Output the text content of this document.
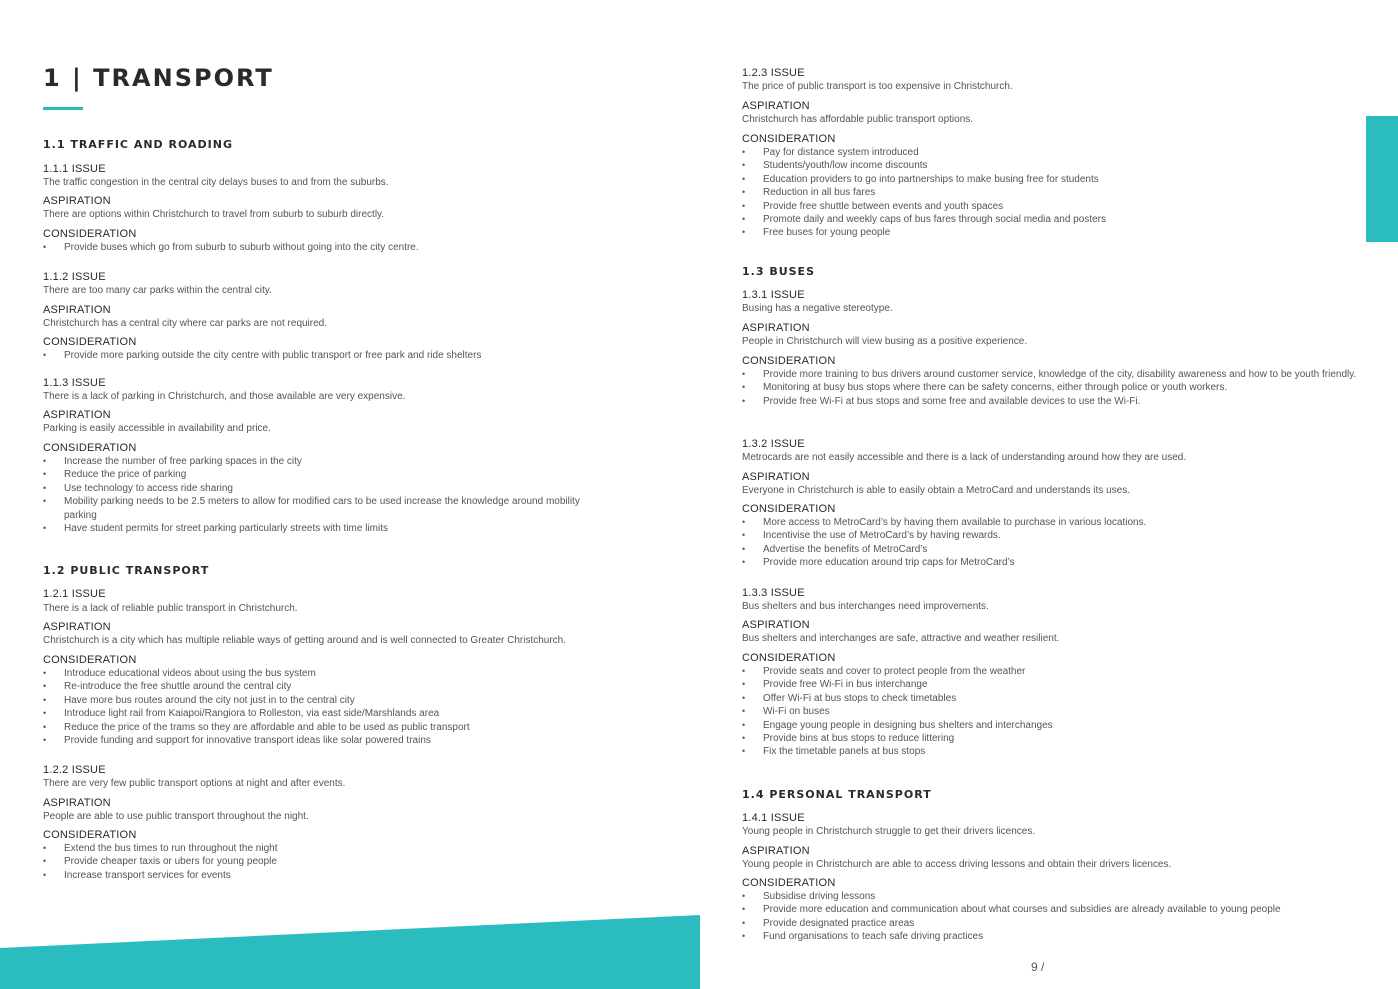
1 | TRANSPORT
1.1 TRAFFIC AND ROADING
1.1.1 ISSUE
The traffic congestion in the central city delays buses to and from the suburbs.
ASPIRATION
There are options within Christchurch to travel from suburb to suburb directly.
CONSIDERATION
• Provide buses which go from suburb to suburb without going into the city centre.
1.1.2 ISSUE
There are too many car parks within the central city.
ASPIRATION
Christchurch has a central city where car parks are not required.
CONSIDERATION
• Provide more parking outside the city centre with public transport or free park and ride shelters
1.1.3 ISSUE
There is a lack of parking in Christchurch, and those available are very expensive.
ASPIRATION
Parking is easily accessible in availability and price.
CONSIDERATION
• Increase the number of free parking spaces in the city
• Reduce the price of parking
• Use technology to access ride sharing
• Mobility parking needs to be 2.5 meters to allow for modified cars to be used increase the knowledge around mobility parking
• Have student permits for street parking particularly streets with time limits
1.2 PUBLIC TRANSPORT
1.2.1 ISSUE
There is a lack of reliable public transport in Christchurch.
ASPIRATION
Christchurch is a city which has multiple reliable ways of getting around and is well connected to Greater Christchurch.
CONSIDERATION
• Introduce educational videos about using the bus system
• Re-introduce the free shuttle around the central city
• Have more bus routes around the city not just in to the central city
• Introduce light rail from Kaiapoi/Rangiora to Rolleston, via east side/Marshlands area
• Reduce the price of the trams so they are affordable and able to be used as public transport
• Provide funding and support for innovative transport ideas like solar powered trains
1.2.2 ISSUE
There are very few public transport options at night and after events.
ASPIRATION
People are able to use public transport throughout the night.
CONSIDERATION
• Extend the bus times to run throughout the night
• Provide cheaper taxis or ubers for young people
• Increase transport services for events
1.2.3 ISSUE
The price of public transport is too expensive in Christchurch.
ASPIRATION
Christchurch has affordable public transport options.
CONSIDERATION
• Pay for distance system introduced
• Students/youth/low income discounts
• Education providers to go into partnerships to make busing free for students
• Reduction in all bus fares
• Provide free shuttle between events and youth spaces
• Promote daily and weekly caps of bus fares through social media and posters
• Free buses for young people
1.3 BUSES
1.3.1 ISSUE
Busing has a negative stereotype.
ASPIRATION
People in Christchurch will view busing as a positive experience.
CONSIDERATION
• Provide more training to bus drivers around customer service, knowledge of the city, disability awareness and how to be youth friendly.
• Monitoring at busy bus stops where there can be safety concerns, either through police or youth workers.
• Provide free Wi-Fi at bus stops and some free and available devices to use the Wi-Fi.
1.3.2 ISSUE
Metrocards are not easily accessible and there is a lack of understanding around how they are used.
ASPIRATION
Everyone in Christchurch is able to easily obtain a MetroCard and understands its uses.
CONSIDERATION
• More access to MetroCard’s by having them available to purchase in various locations.
• Incentivise the use of MetroCard’s by having rewards.
• Advertise the benefits of MetroCard’s
• Provide more education around trip caps for MetroCard’s
1.3.3 ISSUE
Bus shelters and bus interchanges need improvements.
ASPIRATION
Bus shelters and interchanges are safe, attractive and weather resilient.
CONSIDERATION
• Provide seats and cover to protect people from the weather
• Provide free Wi-Fi in bus interchange
• Offer Wi-Fi at bus stops to check timetables
• Wi-Fi on buses
• Engage young people in designing bus shelters and interchanges
• Provide bins at bus stops to reduce littering
• Fix the timetable panels at bus stops
1.4 PERSONAL TRANSPORT
1.4.1 ISSUE
Young people in Christchurch struggle to get their drivers licences.
ASPIRATION
Young people in Christchurch are able to access driving lessons and obtain their drivers licences.
CONSIDERATION
• Subsidise driving lessons
• Provide more education and communication about what courses and subsidies are already available to young people
• Provide designated practice areas
• Fund organisations to teach safe driving practices
9 /
